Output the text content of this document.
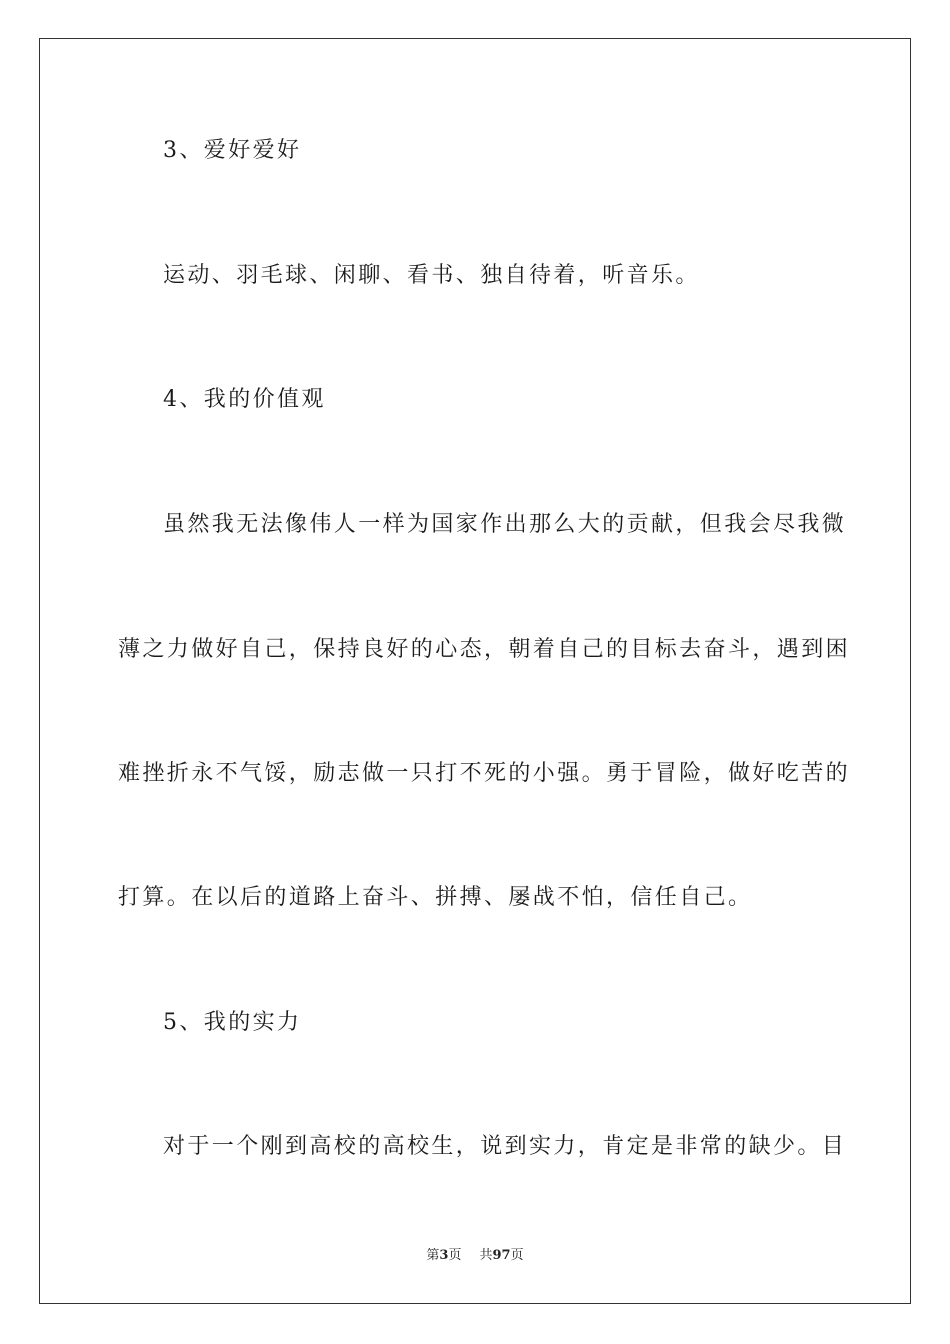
3、爱好爱好
运动、羽毛球、闲聊、看书、独自待着，听音乐。
4、我的价值观
虽然我无法像伟人一样为国家作出那么大的贡献，但我会尽我微
薄之力做好自己，保持良好的心态，朝着自己的目标去奋斗，遇到困
难挫折永不气馁，励志做一只打不死的小强。勇于冒险，做好吃苦的
打算。在以后的道路上奋斗、拼搏、屡战不怕，信任自己。
5、我的实力
对于一个刚到高校的高校生，说到实力，肯定是非常的缺少。目
第3页 共97页
